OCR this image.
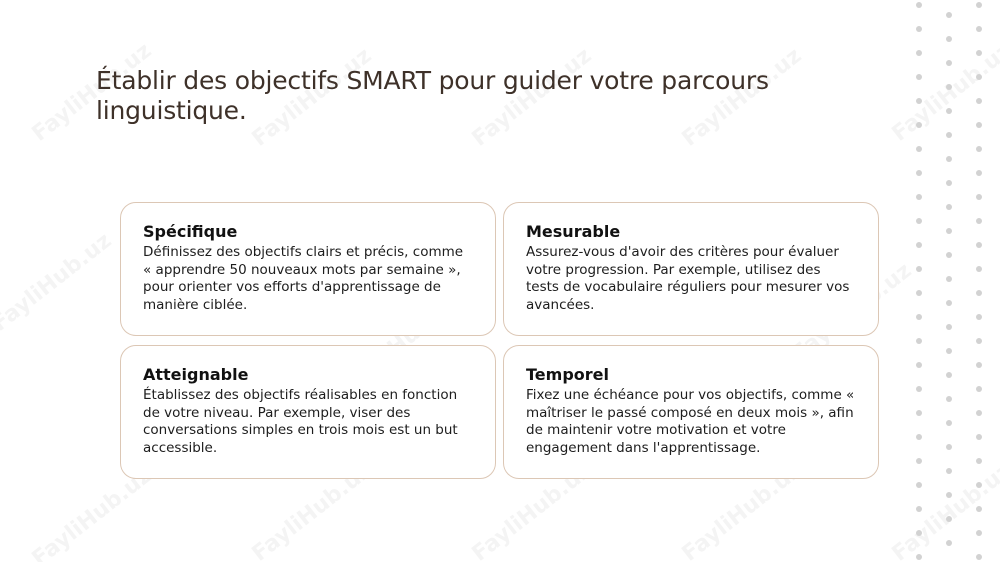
Établir des objectifs SMART pour guider votre parcours linguistique.
Spécifique
Définissez des objectifs clairs et précis, comme « apprendre 50 nouveaux mots par semaine », pour orienter vos efforts d'apprentissage de manière ciblée.
Mesurable
Assurez-vous d'avoir des critères pour évaluer votre progression. Par exemple, utilisez des tests de vocabulaire réguliers pour mesurer vos avancées.
Atteignable
Établissez des objectifs réalisables en fonction de votre niveau. Par exemple, viser des conversations simples en trois mois est un but accessible.
Temporel
Fixez une échéance pour vos objectifs, comme « maîtriser le passé composé en deux mois », afin de maintenir votre motivation et votre engagement dans l'apprentissage.
